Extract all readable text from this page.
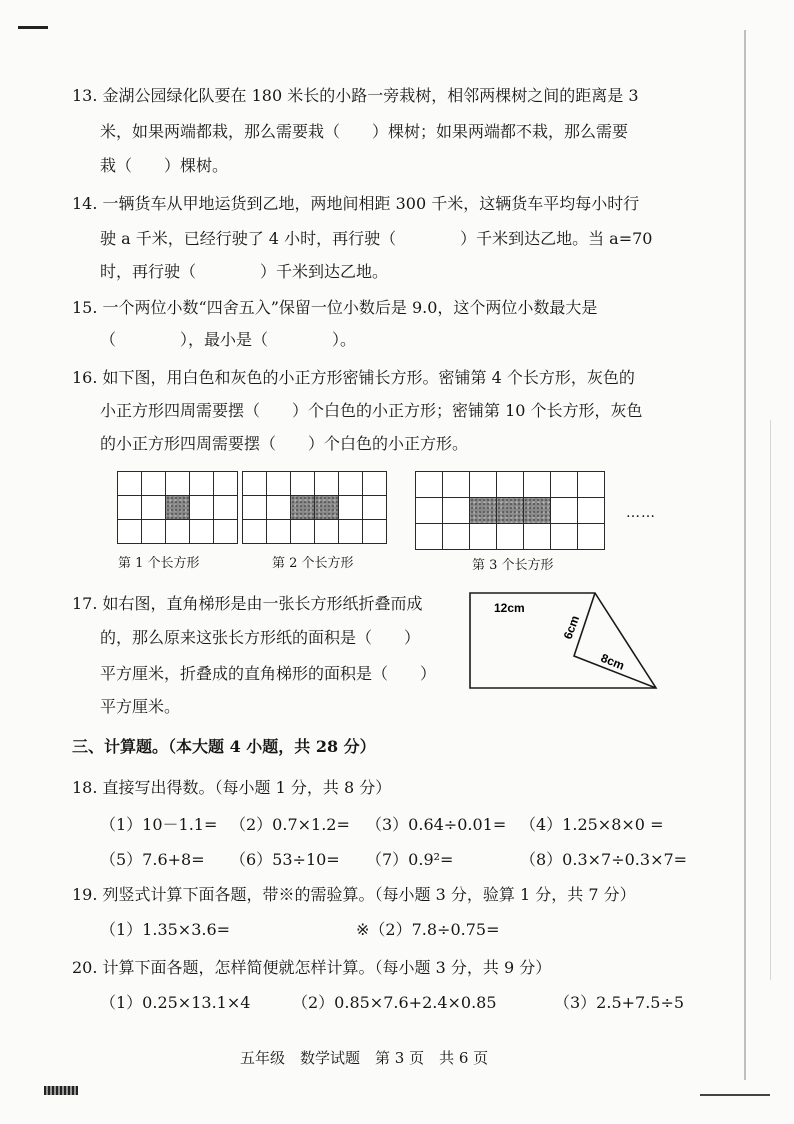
13. 金湖公园绿化队要在 180 米长的小路一旁栽树，相邻两棵树之间的距离是 3
米，如果两端都栽，那么需要栽（　　）棵树；如果两端都不栽，那么需要
栽（　　）棵树。
14. 一辆货车从甲地运货到乙地，两地间相距 300 千米，这辆货车平均每小时行
驶 a 千米，已经行驶了 4 小时，再行驶（　　　　）千米到达乙地。当 a=70
时，再行驶（　　　　）千米到达乙地。
15. 一个两位小数“四舍五入”保留一位小数后是 9.0，这个两位小数最大是
（　　　　），最小是（　　　　）。
16. 如下图，用白色和灰色的小正方形密铺长方形。密铺第 4 个长方形，灰色的
小正方形四周需要摆（　　）个白色的小正方形；密铺第 10 个长方形，灰色
的小正方形四周需要摆（　　）个白色的小正方形。
……
第 1 个长方形	第 2 个长方形	第 3 个长方形
17. 如右图，直角梯形是由一张长方形纸折叠而成
的，那么原来这张长方形纸的面积是（　　）
平方厘米，折叠成的直角梯形的面积是（　　）
平方厘米。
12cm
6cm
8cm
三、计算题。（本大题 4 小题，共 28 分）
18. 直接写出得数。（每小题 1 分，共 8 分）
（1）10－1.1= （2）0.7×1.2= （3）0.64÷0.01= （4）1.25×8×0 =
（5）7.6+8= （6）53÷10= （7）0.9²=	（8）0.3×7÷0.3×7=
19. 列竖式计算下面各题，带※的需验算。（每小题 3 分，验算 1 分，共 7 分）
（1）1.35×3.6=	※（2）7.8÷0.75=
20. 计算下面各题，怎样简便就怎样计算。（每小题 3 分，共 9 分）
（1）0.25×13.1×4	（2）0.85×7.6+2.4×0.85	（3）2.5+7.5÷5
五年级　数学试题　第 3 页　共 6 页
